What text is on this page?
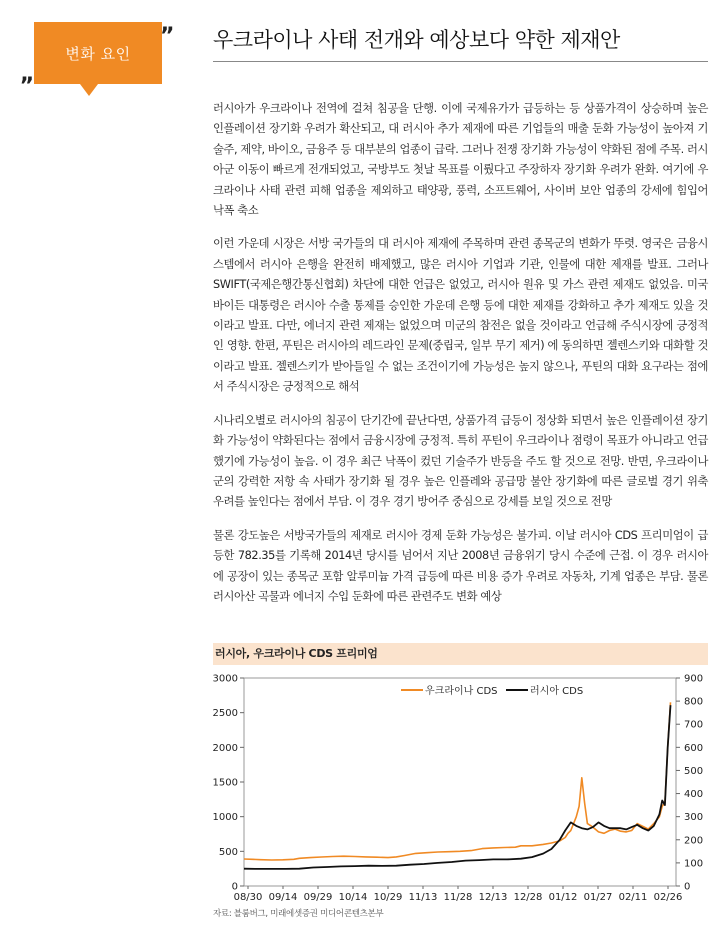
변화 요인
„
” 우크라이나 사태 전개와 예상보다 약한 제재안

러시아가 우크라이나 전역에 걸쳐 침공을 단행. 이에 국제유가가 급등하는 등 상품가격이 상승하며 높은 인플레이션 장기화 우려가 확산되고, 대 러시아 추가 제재에 따른 기업들의 매출 둔화 가능성이 높아져 기술주, 제약, 바이오, 금융주 등 대부분의 업종이 급락. 그러나 전쟁 장기화 가능성이 약화된 점에 주목. 러시아군 이동이 빠르게 전개되었고, 국방부도 첫날 목표를 이뤘다고 주장하자 장기화 우려가 완화. 여기에 우크라이나 사태 관련 피해 업종을 제외하고 태양광, 풍력, 소프트웨어, 사이버 보안 업종의 강세에 힘입어 낙폭 축소

이런 가운데 시장은 서방 국가들의 대 러시아 제재에 주목하며 관련 종목군의 변화가 뚜렷. 영국은 금융시스템에서 러시아 은행을 완전히 배제했고, 많은 러시아 기업과 기관, 인물에 대한 제재를 발표. 그러나 SWIFT(국제은행간통신협회) 차단에 대한 언급은 없었고, 러시아 원유 및 가스 관련 제재도 없었음. 미국 바이든 대통령은 러시아 수출 통제를 승인한 가운데 은행 등에 대한 제재를 강화하고 추가 제재도 있을 것이라고 발표. 다만, 에너지 관련 제재는 없었으며 미군의 참전은 없을 것이라고 언급해 주식시장에 긍정적인 영향. 한편, 푸틴은 러시아의 레드라인 문제(중립국, 일부 무기 제거) 에 동의하면 젤렌스키와 대화할 것이라고 발표. 젤렌스키가 받아들일 수 없는 조건이기에 가능성은 높지 않으나, 푸틴의 대화 요구라는 점에서 주식시장은 긍정적으로 해석

시나리오별로 러시아의 침공이 단기간에 끝난다면, 상품가격 급등이 정상화 되면서 높은 인플레이션 장기화 가능성이 약화된다는 점에서 금융시장에 긍정적. 특히 푸틴이 우크라이나 점령이 목표가 아니라고 언급했기에 가능성이 높음. 이 경우 최근 낙폭이 컸던 기술주가 반등을 주도 할 것으로 전망. 반면, 우크라이나군의 강력한 저항 속 사태가 장기화 될 경우 높은 인플레와 공급망 불안 장기화에 따른 글로벌 경기 위축 우려를 높인다는 점에서 부담. 이 경우 경기 방어주 중심으로 강세를 보일 것으로 전망

물론 강도높은 서방국가들의 제재로 러시아 경제 둔화 가능성은 불가피. 이날 러시아 CDS 프리미엄이 급등한 782.35를 기록해 2014년 당시를 넘어서 지난 2008년 금융위기 당시 수준에 근접. 이 경우 러시아에 공장이 있는 종목군 포함 알루미늄 가격 급등에 따른 비용 증가 우려로 자동차, 기계 업종은 부담. 물론 러시아산 곡물과 에너지 수입 둔화에 따른 관련주도 변화 예상

러시아, 우크라이나 CDS 프리미엄
0
500
1000
1500
2000
2500
3000
0
100
200
300
400
500
600
700
800
900
08/30 09/14 09/29 10/14 10/29 11/13 11/28 12/13 12/28 01/12 01/27 02/11 02/26
우크라이나 CDS	러시아 CDS
자료: 블룸버그, 미래에셋증권 미디어콘텐츠본부
